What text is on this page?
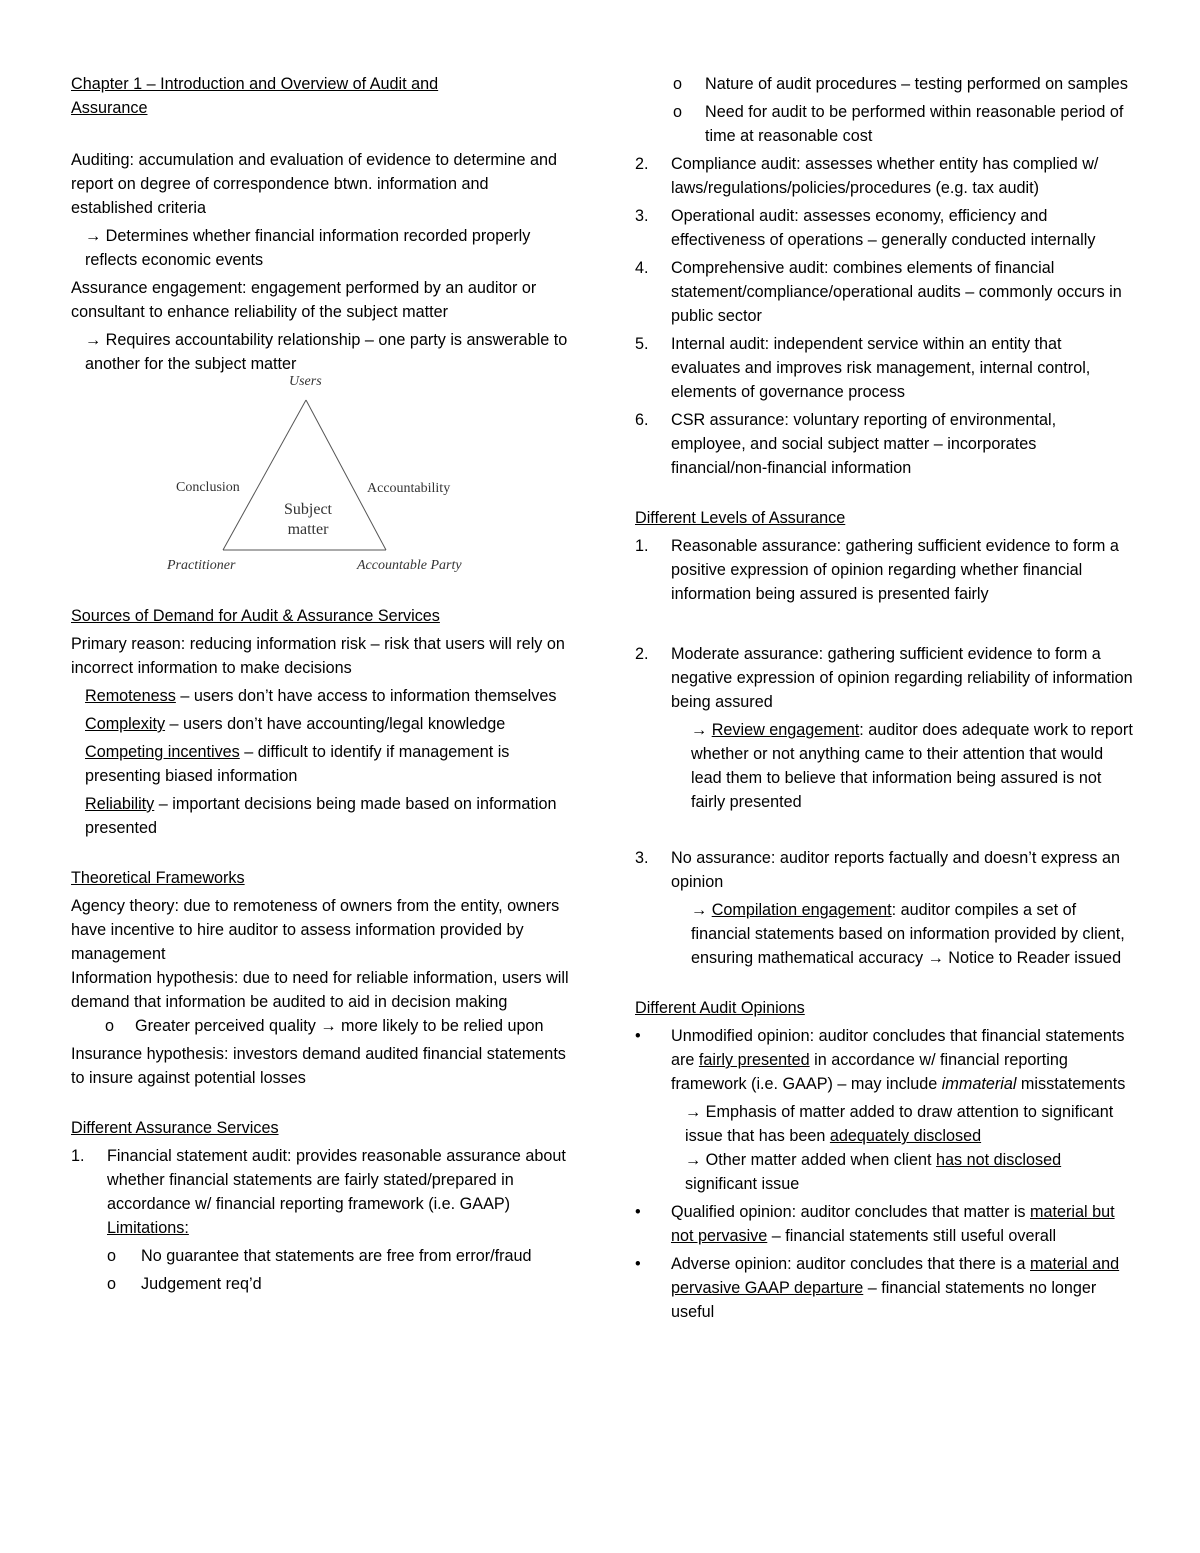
Chapter 1 – Introduction and Overview of Audit and
Assurance

Auditing: accumulation and evaluation of evidence to determine and report on degree of correspondence btwn. information and established criteria

→ Determines whether financial information recorded properly reflects economic events

Assurance engagement: engagement performed by an auditor or consultant to enhance reliability of the subject matter

→ Requires accountability relationship – one party is answerable to another for the subject matter

Users
Conclusion	Accountability
Subject
matter
Practitioner	Accountable Party

Sources of Demand for Audit & Assurance Services

Primary reason: reducing information risk – risk that users will rely on incorrect information to make decisions

Remoteness – users don’t have access to information themselves

Complexity – users don’t have accounting/legal knowledge

Competing incentives – difficult to identify if management is presenting biased information

Reliability – important decisions being made based on information presented

Theoretical Frameworks

Agency theory: due to remoteness of owners from the entity, owners have incentive to hire auditor to assess information provided by management

Information hypothesis: due to need for reliable information, users will demand that information be audited to aid in decision making

o Greater perceived quality → more likely to be relied upon

Insurance hypothesis: investors demand audited financial statements to insure against potential losses

Different Assurance Services

1. Financial statement audit: provides reasonable assurance about whether financial statements are fairly stated/prepared in accordance w/ financial reporting framework (i.e. GAAP)
Limitations:
o No guarantee that statements are free from error/fraud
o Judgement req’d
o Nature of audit procedures – testing performed on samples
o Need for audit to be performed within reasonable period of time at reasonable cost
2. Compliance audit: assesses whether entity has complied w/ laws/regulations/policies/procedures (e.g. tax audit)
3. Operational audit: assesses economy, efficiency and effectiveness of operations – generally conducted internally
4. Comprehensive audit: combines elements of financial statement/compliance/operational audits – commonly occurs in public sector
5. Internal audit: independent service within an entity that evaluates and improves risk management, internal control, elements of governance process
6. CSR assurance: voluntary reporting of environmental, employee, and social subject matter – incorporates financial/non-financial information

Different Levels of Assurance

1. Reasonable assurance: gathering sufficient evidence to form a positive expression of opinion regarding whether financial information being assured is presented fairly
2. Moderate assurance: gathering sufficient evidence to form a negative expression of opinion regarding reliability of information being assured

→ Review engagement: auditor does adequate work to report whether or not anything came to their attention that would lead them to believe that information being assured is not fairly presented

3. No assurance: auditor reports factually and doesn’t express an opinion

→ Compilation engagement: auditor compiles a set of financial statements based on information provided by client, ensuring mathematical accuracy → Notice to Reader issued

Different Audit Opinions

• Unmodified opinion: auditor concludes that financial statements are fairly presented in accordance w/ financial reporting framework (i.e. GAAP) – may include immaterial misstatements

→ Emphasis of matter added to draw attention to significant issue that has been adequately disclosed

→ Other matter added when client has not disclosed significant issue

• Qualified opinion: auditor concludes that matter is material but not pervasive – financial statements still useful overall
• Adverse opinion: auditor concludes that there is a material and pervasive GAAP departure – financial statements no longer useful
